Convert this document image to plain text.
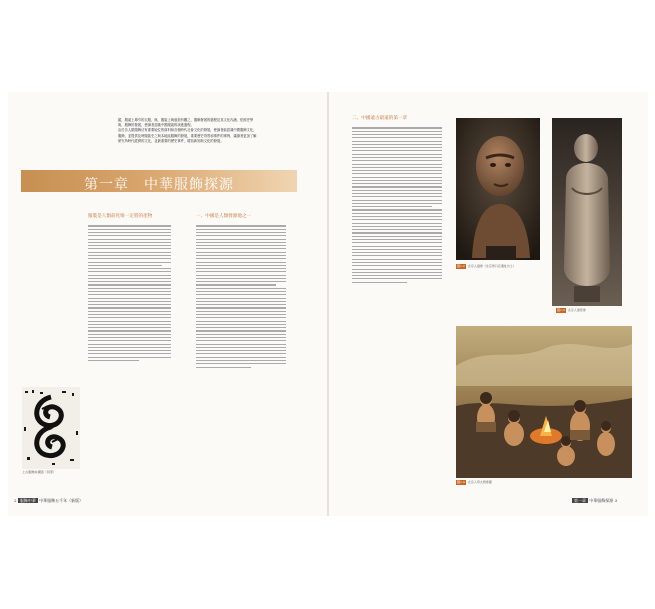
縱，服裝上導引的衣服，與，服裝上與風俗有關之，服飾發展的過程及其文化內涵，依照史學
與，服飾的發展，使讀者認識中國服裝的演進過程。
由於各人類服飾佔有重要地位的資料和各個時代社會文化的發展，使讀者能認識中國服飾文化，
服飾，並提供及時服裝史之與本地區服飾的發展，重要歷史背景和事件的事例，讓讀者更加了解
研究所時代經濟的文化，並最重要的歷史事件，增加新知與文化的發展。
第一章　中華服飾探源
服裝是人類前化唯一定將的產物	一、中國是人類發源地之一
上古服飾紋樣圖（局部）
2 服飾中華 中華服飾五千年（新版）
二、中國遠古最遠的第一章
圖1-2 北京人頭像（北京周口店遺址出土）
圖1-3 北京人復原像
圖1-4 北京人用火想像圖
第一章 中華服飾探源 3
